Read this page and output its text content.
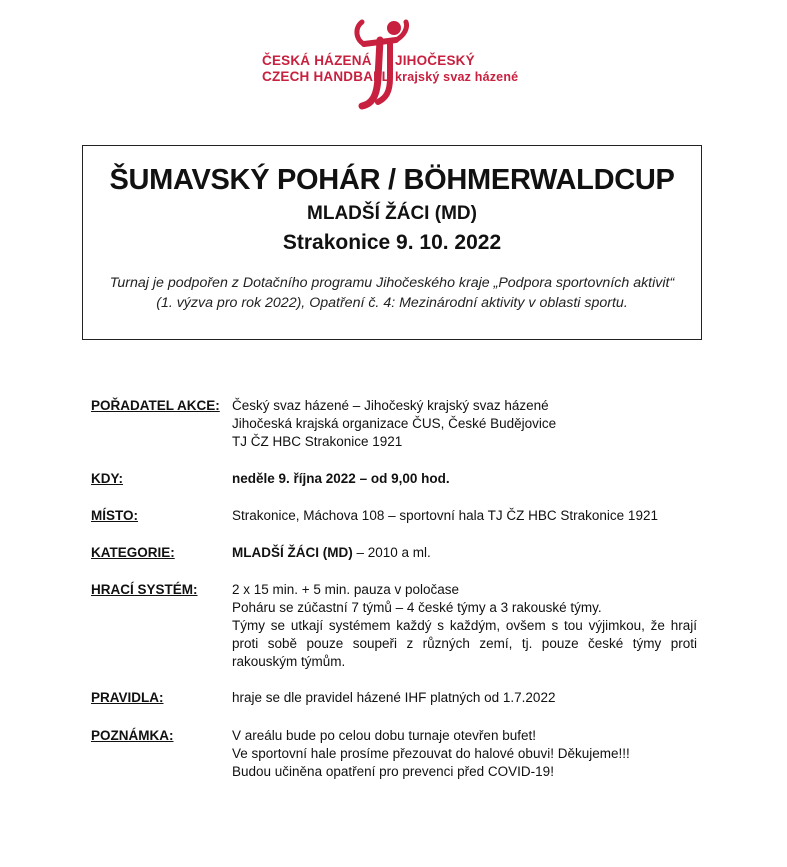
ČESKÁ HÁZENÁ
CZECH HANDBALL
JIHOČESKÝ
krajský svaz házené
ŠUMAVSKÝ POHÁR / BÖHMERWALDCUP
MLADŠÍ ŽÁCI (MD)
Strakonice 9. 10. 2022
Turnaj je podpořen z Dotačního programu Jihočeského kraje „Podpora sportovních aktivit“
(1. výzva pro rok 2022), Opatření č. 4: Mezinárodní aktivity v oblasti sportu.
POŘADATEL AKCE: Český svaz házené – Jihočeský krajský svaz házené
Jihočeská krajská organizace ČUS, České Budějovice
TJ ČZ HBC Strakonice 1921
KDY:	neděle 9. října 2022 – od 9,00 hod.
MÍSTO:	Strakonice, Máchova 108 – sportovní hala TJ ČZ HBC Strakonice 1921
KATEGORIE:	MLADŠÍ ŽÁCI (MD) – 2010 a ml.
HRACÍ SYSTÉM:	2 x 15 min. + 5 min. pauza v poločase
Poháru se zúčastní 7 týmů – 4 české týmy a 3 rakouské týmy.
Týmy se utkají systémem každý s každým, ovšem s tou výjimkou, že hrají proti sobě pouze soupeři z různých zemí, tj. pouze české týmy proti rakouským týmům.
PRAVIDLA:	hraje se dle pravidel házené IHF platných od 1.7.2022
POZNÁMKA:	V areálu bude po celou dobu turnaje otevřen bufet!
Ve sportovní hale prosíme přezouvat do halové obuvi! Děkujeme!!!
Budou učiněna opatření pro prevenci před COVID-19!
